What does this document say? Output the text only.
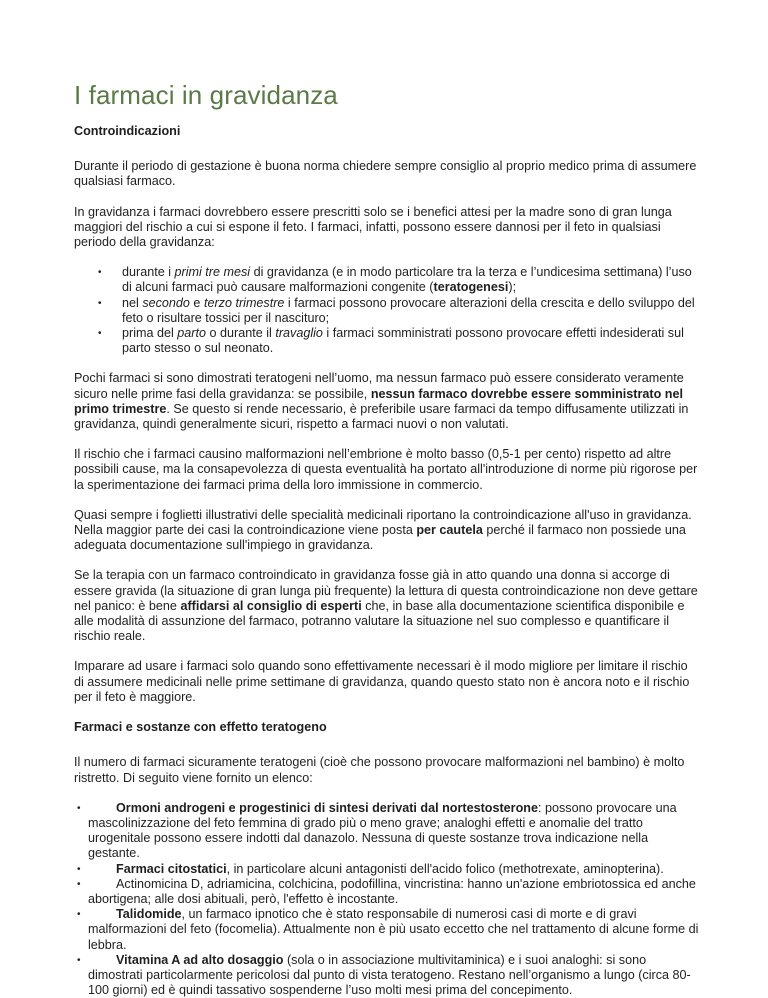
I farmaci in gravidanza

Controindicazioni

Durante il periodo di gestazione è buona norma chiedere sempre consiglio al proprio medico prima di assumere qualsiasi farmaco.

In gravidanza i farmaci dovrebbero essere prescritti solo se i benefici attesi per la madre sono di gran lunga maggiori del rischio a cui si espone il feto. I farmaci, infatti, possono essere dannosi per il feto in qualsiasi periodo della gravidanza:

• durante i primi tre mesi di gravidanza (e in modo particolare tra la terza e l’undicesima settimana) l’uso di alcuni farmaci può causare malformazioni congenite (teratogenesi);
• nel secondo e terzo trimestre i farmaci possono provocare alterazioni della crescita e dello sviluppo del feto o risultare tossici per il nascituro;
• prima del parto o durante il travaglio i farmaci somministrati possono provocare effetti indesiderati sul parto stesso o sul neonato.

Pochi farmaci si sono dimostrati teratogeni nell’uomo, ma nessun farmaco può essere considerato veramente sicuro nelle prime fasi della gravidanza: se possibile, nessun farmaco dovrebbe essere somministrato nel primo trimestre. Se questo si rende necessario, è preferibile usare farmaci da tempo diffusamente utilizzati in gravidanza, quindi generalmente sicuri, rispetto a farmaci nuovi o non valutati.

Il rischio che i farmaci causino malformazioni nell’embrione è molto basso (0,5-1 per cento) rispetto ad altre possibili cause, ma la consapevolezza di questa eventualità ha portato all'introduzione di norme più rigorose per la sperimentazione dei farmaci prima della loro immissione in commercio.

Quasi sempre i foglietti illustrativi delle specialità medicinali riportano la controindicazione all'uso in gravidanza. Nella maggior parte dei casi la controindicazione viene posta per cautela perché il farmaco non possiede una adeguata documentazione sull'impiego in gravidanza.

Se la terapia con un farmaco controindicato in gravidanza fosse già in atto quando una donna si accorge di essere gravida (la situazione di gran lunga più frequente) la lettura di questa controindicazione non deve gettare nel panico: è bene affidarsi al consiglio di esperti che, in base alla documentazione scientifica disponibile e alle modalità di assunzione del farmaco, potranno valutare la situazione nel suo complesso e quantificare il rischio reale.

Imparare ad usare i farmaci solo quando sono effettivamente necessari è il modo migliore per limitare il rischio di assumere medicinali nelle prime settimane di gravidanza, quando questo stato non è ancora noto e il rischio per il feto è maggiore.

Farmaci e sostanze con effetto teratogeno

Il numero di farmaci sicuramente teratogeni (cioè che possono provocare malformazioni nel bambino) è molto ristretto. Di seguito viene fornito un elenco:

• Ormoni androgeni e progestinici di sintesi derivati dal nortestosterone: possono provocare una mascolinizzazione del feto femmina di grado più o meno grave; analoghi effetti e anomalie del tratto urogenitale possono essere indotti dal danazolo. Nessuna di queste sostanze trova indicazione nella gestante.
• Farmaci citostatici, in particolare alcuni antagonisti dell'acido folico (methotrexate, aminopterina).
• Actinomicina D, adriamicina, colchicina, podofillina, vincristina: hanno un'azione embriotossica ed anche abortigena; alle dosi abituali, però, l'effetto è incostante.
• Talidomide, un farmaco ipnotico che è stato responsabile di numerosi casi di morte e di gravi malformazioni del feto (focomelia). Attualmente non è più usato eccetto che nel trattamento di alcune forme di lebbra.
• Vitamina A ad alto dosaggio (sola o in associazione multivitaminica) e i suoi analoghi: si sono dimostrati particolarmente pericolosi dal punto di vista teratogeno. Restano nell’organismo a lungo (circa 80-100 giorni) ed è quindi tassativo sospenderne l’uso molti mesi prima del concepimento.
